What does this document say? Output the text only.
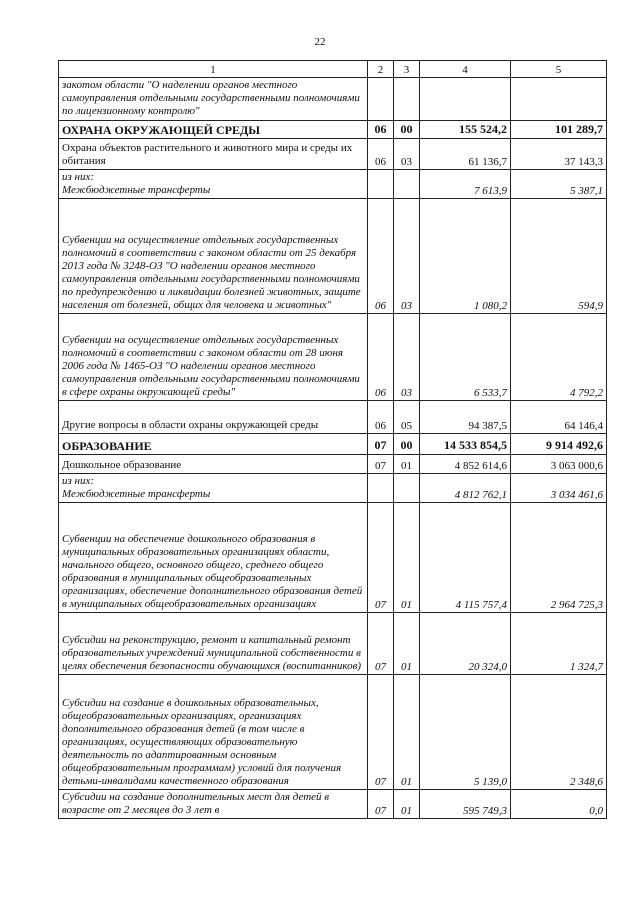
22
1	2	3	4	5
закоmом области "О наделении органов местного самоуправления отдельными государственными полномочиями по лицензионному контролю"				
ОХРАНА ОКРУЖАЮЩЕЙ СРЕДЫ	06	00	155 524,2	101 289,7
Охрана объектов растительного и животного мира и среды их обитания	06	03	61 136,7	37 143,3
из них:
Межбюджетные трансферты			7 613,9	5 387,1
Субвенции на осуществление отдельных государственных полномочий в соответствии с законом области от 25 декабря 2013 года № 3248-ОЗ "О наделении органов местного самоуправления отдельными государственными полномочиями по предупреждению и ликвидации болезней животных, защите населения от болезней, общих для человека и животных"	06	03	1 080,2	594,9
Субвенции на осуществление отдельных государственных полномочий в соответствии с законом области от 28 июня 2006 года № 1465-ОЗ "О наделении органов местного самоуправления отдельными государственными полномочиями в сфере охраны окружающей среды"	06	03	6 533,7	4 792,2
Другие вопросы в области охраны окружающей среды	06	05	94 387,5	64 146,4
ОБРАЗОВАНИЕ	07	00	14 533 854,5	9 914 492,6
Дошкольное образование	07	01	4 852 614,6	3 063 000,6
из них:
Межбюджетные трансферты			4 812 762,1	3 034 461,6
Субвенции на обеспечение дошкольного образования в муниципальных образовательных организациях области, начального общего, основного общего, среднего общего образования в муниципальных общеобразовательных организациях, обеспечение дополнительного образования детей в муниципальных общеобразовательных организациях	07	01	4 115 757,4	2 964 725,3
Субсидии на реконструкцию, ремонт и капитальный ремонт образовательных учреждений муниципальной собственности в целях обеспечения безопасности обучающихся (воспитанников)	07	01	20 324,0	1 324,7
Субсидии на создание в дошкольных образовательных, общеобразовательных организациях, организациях дополнительного образования детей (в том числе в организациях, осуществляющих образовательную деятельность по адаптированным основным общеобразовательным программам) условий для получения детьми-инвалидами качественного образования	07	01	5 139,0	2 348,6
Субсидии на создание дополнительных мест для детей в возрасте от 2 месяцев до 3 лет в	07	01	595 749,3	0,0
